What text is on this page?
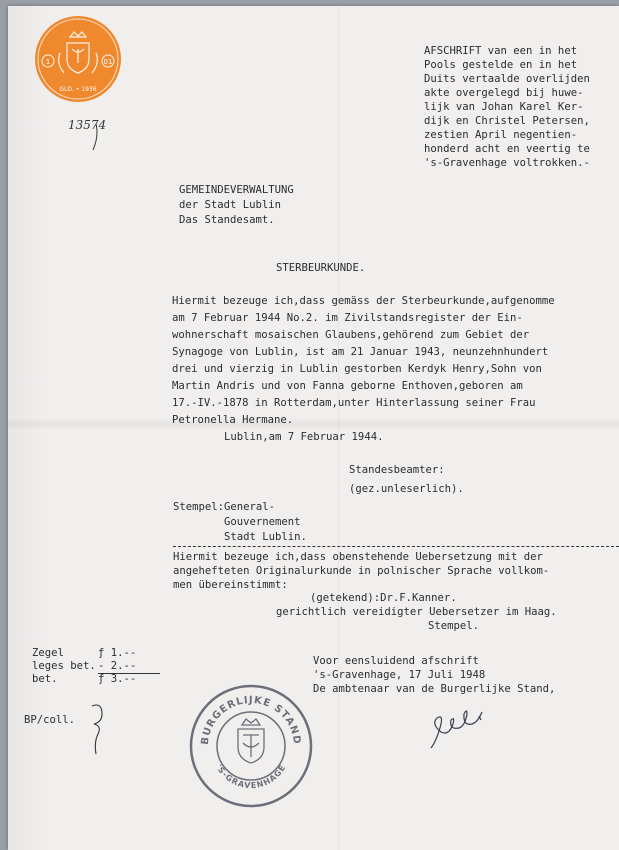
1	01
GLD. • 1936
13574
AFSCHRIFT van een in het
Pools gestelde en in het
Duits vertaalde overlijden
akte overgelegd bij huwe-
lijk van Johan Karel Ker-
dijk en Christel Petersen,
zestien April negentien-
honderd acht en veertig te
's-Gravenhage voltrokken.-
GEMEINDEVERWALTUNG
der Stadt Lublin
Das Standesamt.
STERBEURKUNDE.
Hiermit bezeuge ich,dass gemäss der Sterbeurkunde,aufgenomme
am 7 Februar 1944 No.2. im Zivilstandsregister der Ein-
wohnerschaft mosaischen Glaubens,gehörend zum Gebiet der
Synagoge von Lublin, ist am 21 Januar 1943, neunzehnhundert
drei und vierzig in Lublin gestorben Kerdyk Henry,Sohn von
Martin Andris und von Fanna geborne Enthoven,geboren am
17.-IV.-1878 in Rotterdam,unter Hinterlassung seiner Frau
Petronella Hermane.
Lublin,am 7 Februar 1944.
Standesbeamter:
(gez.unleserlich).
Stempel:General-
Gouvernement
Stadt Lublin.
Hiermit bezeuge ich,dass obenstehende Uebersetzung mit der
angehefteten Originalurkunde in polnischer Sprache vollkom-
men übereinstimmt:
(getekend):Dr.F.Kanner.
gerichtlich vereidigter Uebersetzer im Haag.
Stempel.
Zegel	ƒ 1.--
leges bet. - 2.--
bet.	ƒ 3.--
Voor eensluidend afschrift
's-Gravenhage, 17 Juli 1948
De ambtenaar van de Burgerlijke Stand,
BP/coll.
BURGERLIJKE STAND
'S-GRAVENHAGE
